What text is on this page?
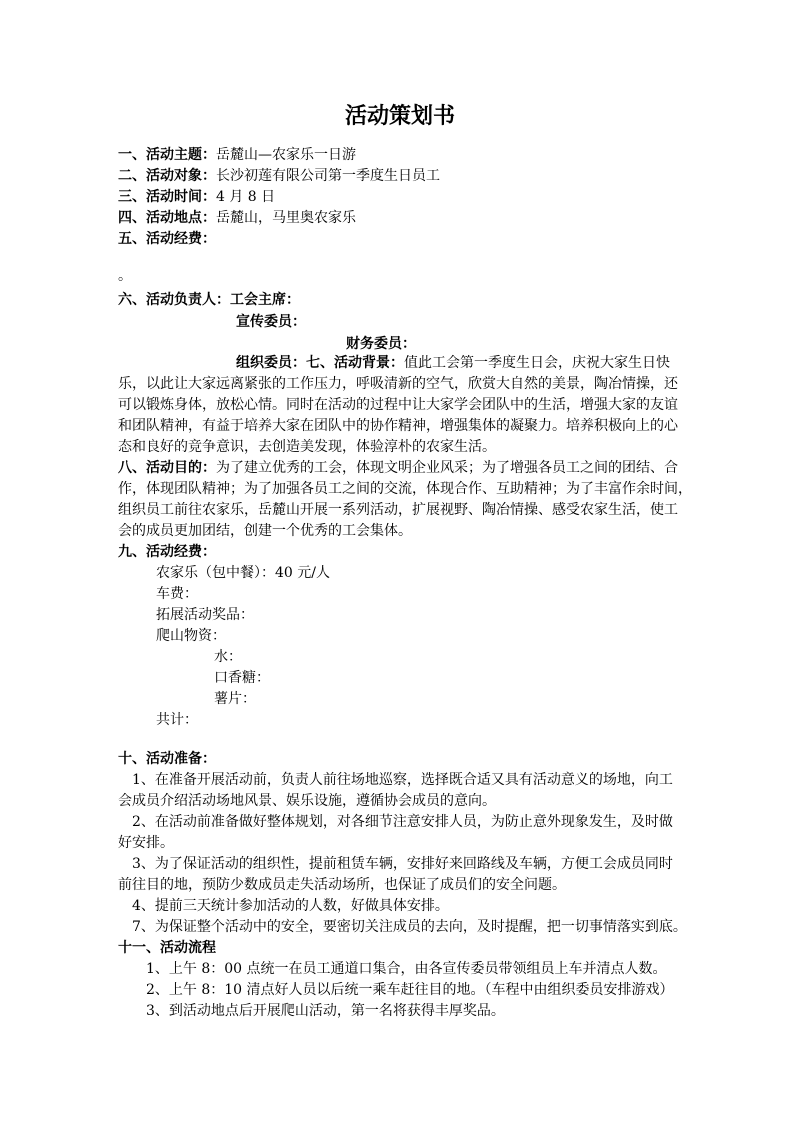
活动策划书
一、活动主题：岳麓山—农家乐一日游
二、活动对象：长沙初莲有限公司第一季度生日员工
三、活动时间：4 月 8 日
四、活动地点：岳麓山，马里奥农家乐
五、活动经费：
。
六、活动负责人：工会主席：
宣传委员：
财务委员：
组织委员：七、活动背景：值此工会第一季度生日会，庆祝大家生日快
乐，以此让大家远离紧张的工作压力，呼吸清新的空气，欣赏大自然的美景，陶冶情操，还
可以锻炼身体，放松心情。同时在活动的过程中让大家学会团队中的生活，增强大家的友谊
和团队精神，有益于培养大家在团队中的协作精神，增强集体的凝聚力。培养积极向上的心
态和良好的竞争意识，去创造美发现，体验淳朴的农家生活。
八、活动目的：为了建立优秀的工会，体现文明企业风采；为了增强各员工之间的团结、合
作，体现团队精神；为了加强各员工之间的交流，体现合作、互助精神；为了丰富作余时间，
组织员工前往农家乐，岳麓山开展一系列活动，扩展视野、陶冶情操、感受农家生活，使工
会的成员更加团结，创建一个优秀的工会集体。
九、活动经费：
农家乐（包中餐）：40 元/人
车费：
拓展活动奖品：
爬山物资：
水：
口香糖：
薯片：
共计：
十、活动准备：
1、在准备开展活动前，负责人前往场地巡察，选择既合适又具有活动意义的场地，向工
会成员介绍活动场地风景、娱乐设施，遵循协会成员的意向。
2、在活动前准备做好整体规划，对各细节注意安排人员，为防止意外现象发生，及时做
好安排。
3、为了保证活动的组织性，提前租赁车辆，安排好来回路线及车辆，方便工会成员同时
前往目的地，预防少数成员走失活动场所，也保证了成员们的安全问题。
4、提前三天统计参加活动的人数，好做具体安排。
7、为保证整个活动中的安全，要密切关注成员的去向，及时提醒，把一切事情落实到底。
十一、活动流程
1、上午 8：00 点统一在员工通道口集合，由各宣传委员带领组员上车并清点人数。
2、上午 8：10 清点好人员以后统一乘车赶往目的地。（车程中由组织委员安排游戏）
3、到活动地点后开展爬山活动，第一名将获得丰厚奖品。
